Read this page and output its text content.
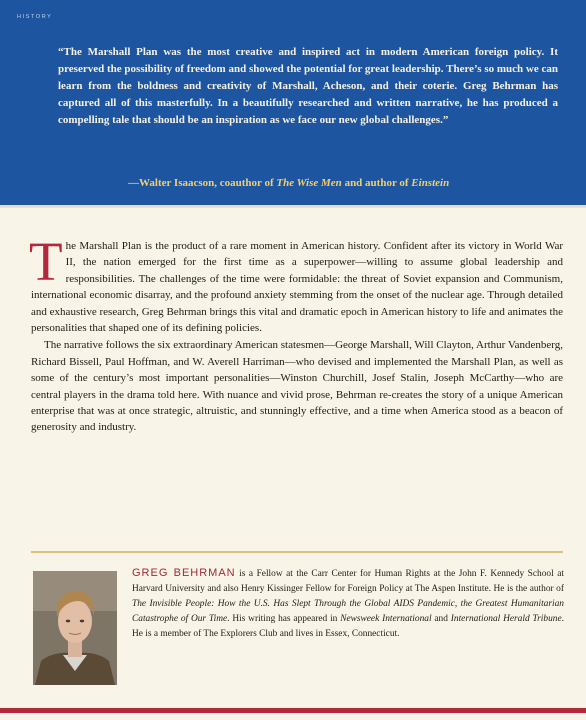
HISTORY

“The Marshall Plan was the most creative and inspired act in modern American foreign policy. It preserved the possibility of freedom and showed the potential for great leadership. There’s so much we can learn from the boldness and creativity of Marshall, Acheson, and their coterie. Greg Behrman has captured all of this masterfully. In a beautifully researched and written narrative, he has produced a compelling tale that should be an inspiration as we face our new global challenges.”

—Walter Isaacson, coauthor of The Wise Men and author of Einstein

The Marshall Plan is the product of a rare moment in American history. Confident after its victory in World War II, the nation emerged for the first time as a superpower—willing to assume global leadership and responsibilities. The challenges of the time were formidable: the threat of Soviet expansion and Communism, international economic disarray, and the profound anxiety stemming from the onset of the nuclear age. Through detailed and exhaustive research, Greg Behrman brings this vital and dramatic epoch in American history to life and animates the personalities that shaped one of its defining policies.

The narrative follows the six extraordinary American statesmen—George Marshall, Will Clayton, Arthur Vandenberg, Richard Bissell, Paul Hoffman, and W. Averell Harriman—who devised and implemented the Marshall Plan, as well as some of the century’s most important personalities—Winston Churchill, Josef Stalin, Joseph McCarthy—who are central players in the drama told here. With nuance and vivid prose, Behrman re-creates the story of a unique American enterprise that was at once strategic, altruistic, and stunningly effective, and a time when America stood as a beacon of generosity and industry.

GREG BEHRMAN is a Fellow at the Carr Center for Human Rights at the John F. Kennedy School at Harvard University and also Henry Kissinger Fellow for Foreign Policy at The Aspen Institute. He is the author of The Invisible People: How the U.S. Has Slept Through the Global AIDS Pandemic, the Greatest Humanitarian Catastrophe of Our Time. His writing has appeared in Newsweek International and International Herald Tribune. He is a member of The Explorers Club and lives in Essex, Connecticut.
